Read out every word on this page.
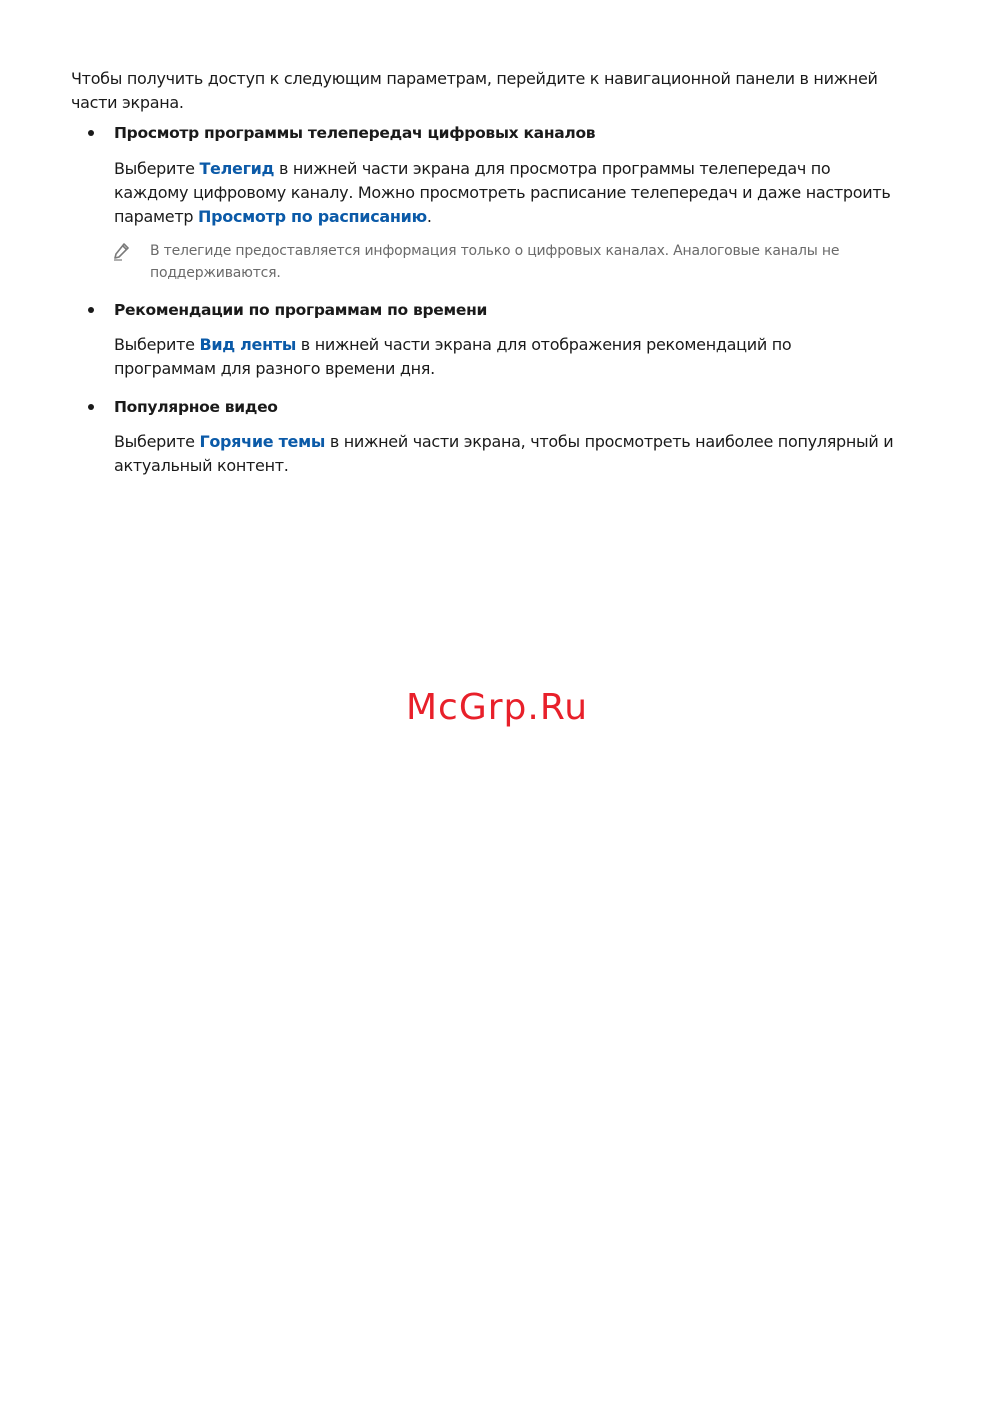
Чтобы получить доступ к следующим параметрам, перейдите к навигационной панели в нижней части экрана.

Просмотр программы телепередач цифровых каналов

Выберите Телегид в нижней части экрана для просмотра программы телепередач по каждому цифровому каналу. Можно просмотреть расписание телепередач и даже настроить параметр Просмотр по расписанию.

В телегиде предоставляется информация только о цифровых каналах. Аналоговые каналы не поддерживаются.

Рекомендации по программам по времени

Выберите Вид ленты в нижней части экрана для отображения рекомендаций по программам для разного времени дня.

Популярное видео

Выберите Горячие темы в нижней части экрана, чтобы просмотреть наиболее популярный и актуальный контент.

McGrp.Ru
